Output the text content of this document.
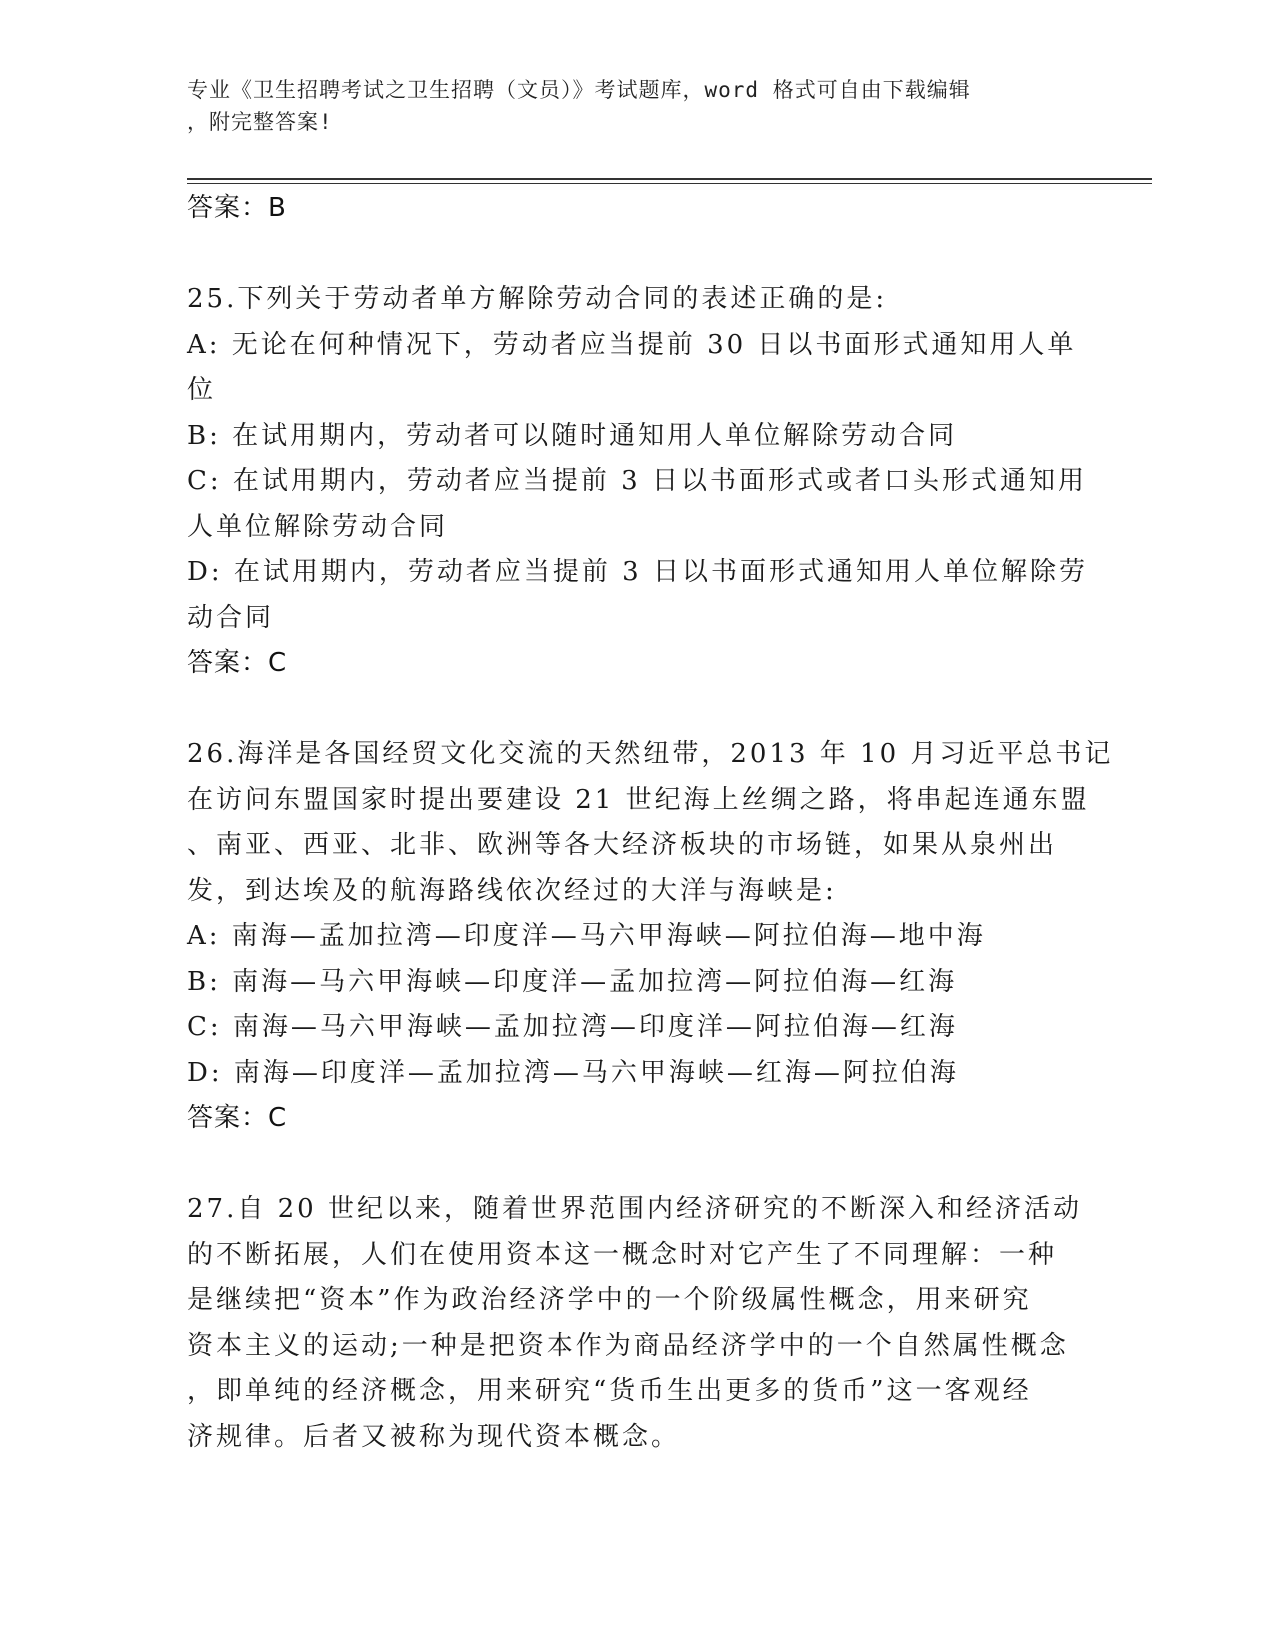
专业《卫生招聘考试之卫生招聘（文员）》考试题库，word 格式可自由下载编辑
，附完整答案!
答案：B
25.下列关于劳动者单方解除劳动合同的表述正确的是:
A: 无论在何种情况下，劳动者应当提前 30 日以书面形式通知用人单
位
B: 在试用期内，劳动者可以随时通知用人单位解除劳动合同
C: 在试用期内，劳动者应当提前 3 日以书面形式或者口头形式通知用
人单位解除劳动合同
D: 在试用期内，劳动者应当提前 3 日以书面形式通知用人单位解除劳
动合同
答案：C
26.海洋是各国经贸文化交流的天然纽带，2013 年 10 月习近平总书记
在访问东盟国家时提出要建设 21 世纪海上丝绸之路，将串起连通东盟
、南亚、西亚、北非、欧洲等各大经济板块的市场链，如果从泉州出
发，到达埃及的航海路线依次经过的大洋与海峡是:
A: 南海—孟加拉湾—印度洋—马六甲海峡—阿拉伯海—地中海
B: 南海—马六甲海峡—印度洋—孟加拉湾—阿拉伯海—红海
C: 南海—马六甲海峡—孟加拉湾—印度洋—阿拉伯海—红海
D: 南海—印度洋—孟加拉湾—马六甲海峡—红海—阿拉伯海
答案：C
27.自 20 世纪以来，随着世界范围内经济研究的不断深入和经济活动
的不断拓展，人们在使用资本这一概念时对它产生了不同理解：一种
是继续把“资本”作为政治经济学中的一个阶级属性概念，用来研究
资本主义的运动;一种是把资本作为商品经济学中的一个自然属性概念
，即单纯的经济概念，用来研究“货币生出更多的货币”这一客观经
济规律。后者又被称为现代资本概念。
